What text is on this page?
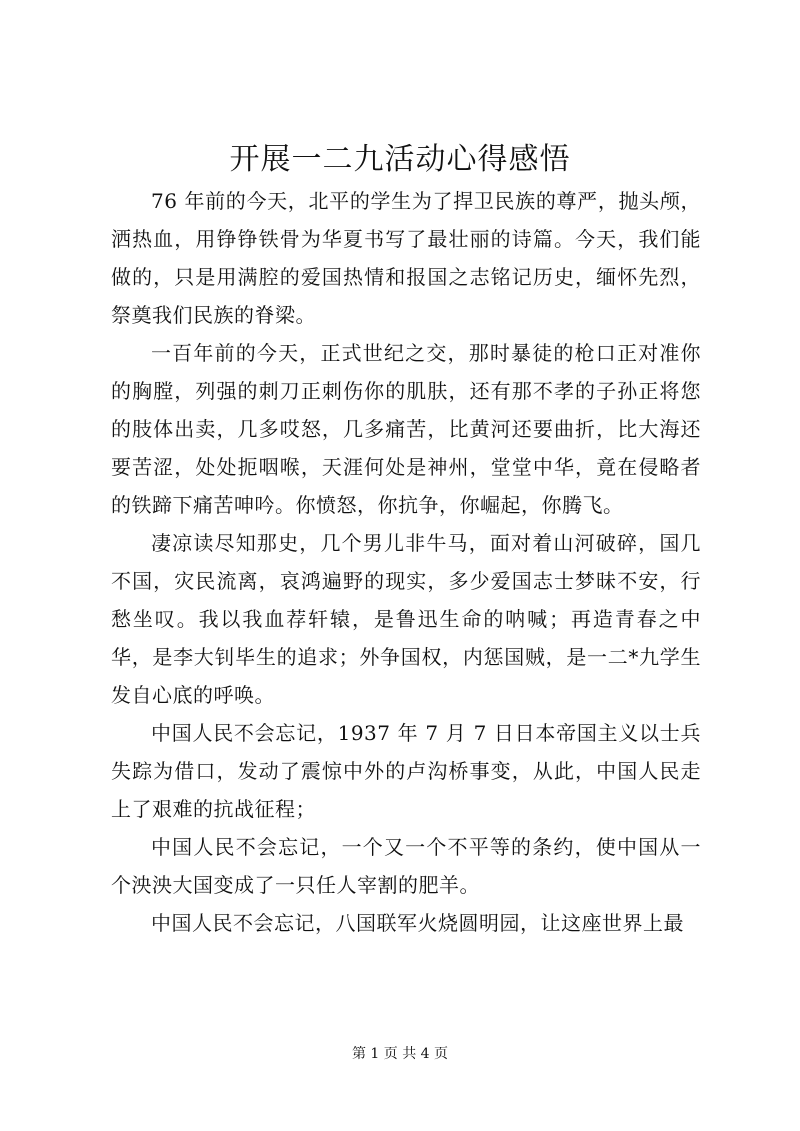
开展一二九活动心得感悟

76 年前的今天，北平的学生为了捍卫民族的尊严，抛头颅，洒热血，用铮铮铁骨为华夏书写了最壮丽的诗篇。今天，我们能做的，只是用满腔的爱国热情和报国之志铭记历史，缅怀先烈，祭奠我们民族的脊梁。

一百年前的今天，正式世纪之交，那时暴徒的枪口正对准你的胸膛，列强的刺刀正刺伤你的肌肤，还有那不孝的子孙正将您的肢体出卖，几多哎怒，几多痛苦，比黄河还要曲折，比大海还要苦涩，处处扼咽喉，天涯何处是神州，堂堂中华，竟在侵略者的铁蹄下痛苦呻吟。你愤怒，你抗争，你崛起，你腾飞。

凄凉读尽知那史，几个男儿非牛马，面对着山河破碎，国几不国，灾民流离，哀鸿遍野的现实，多少爱国志士梦昧不安，行愁坐叹。我以我血荐轩辕，是鲁迅生命的呐喊；再造青春之中华，是李大钊毕生的追求；外争国权，内惩国贼，是一二*九学生发自心底的呼唤。

中国人民不会忘记，1937 年 7 月 7 日日本帝国主义以士兵失踪为借口，发动了震惊中外的卢沟桥事变，从此，中国人民走上了艰难的抗战征程；

中国人民不会忘记，一个又一个不平等的条约，使中国从一个泱泱大国变成了一只任人宰割的肥羊。

中国人民不会忘记，八国联军火烧圆明园，让这座世界上最

第 1 页 共 4 页
